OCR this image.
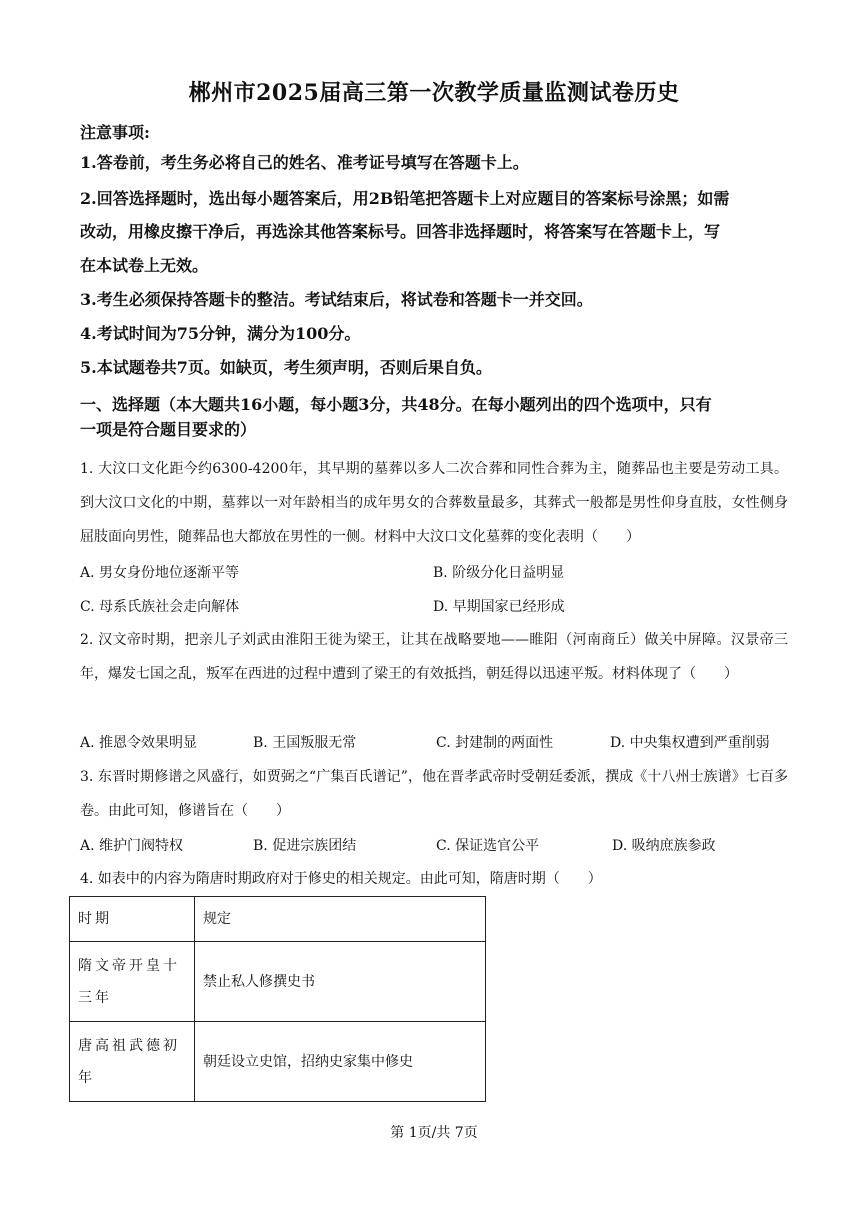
郴州市2025届高三第一次教学质量监测试卷历史
注意事项:
1.答卷前，考生务必将自己的姓名、准考证号填写在答题卡上。
2.回答选择题时，选出每小题答案后，用2B铅笔把答题卡上对应题目的答案标号涂黑；如需
改动，用橡皮擦干净后，再选涂其他答案标号。回答非选择题时，将答案写在答题卡上，写
在本试卷上无效。
3.考生必须保持答题卡的整洁。考试结束后，将试卷和答题卡一并交回。
4.考试时间为75分钟，满分为100分。
5.本试题卷共7页。如缺页，考生须声明，否则后果自负。
一、选择题（本大题共16小题，每小题3分，共48分。在每小题列出的四个选项中，只有
一项是符合题目要求的）
1. 大汶口文化距今约6300-4200年，其早期的墓葬以多人二次合葬和同性合葬为主，随葬品也主要是劳动工具。到大汶口文化的中期，墓葬以一对年龄相当的成年男女的合葬数量最多，其葬式一般都是男性仰身直肢，女性侧身屈肢面向男性，随葬品也大都放在男性的一侧。材料中大汶口文化墓葬的变化表明（　　）
A. 男女身份地位逐渐平等	B. 阶级分化日益明显
C. 母系氏族社会走向解体	D. 早期国家已经形成
2. 汉文帝时期，把亲儿子刘武由淮阳王徙为梁王，让其在战略要地——睢阳（河南商丘）做关中屏障。汉景帝三年，爆发七国之乱，叛军在西进的过程中遭到了梁王的有效抵挡，朝廷得以迅速平叛。材料体现了（　　）
A. 推恩令效果明显	B. 王国叛服无常	C. 封建制的两面性	D. 中央集权遭到严重削弱
3. 东晋时期修谱之风盛行，如贾弼之“广集百氏谱记”，他在晋孝武帝时受朝廷委派，撰成《十八州士族谱》七百多卷。由此可知，修谱旨在（　　）
A. 维护门阀特权	B. 促进宗族团结	C. 保证选官公平	D. 吸纳庶族参政
4. 如表中的内容为隋唐时期政府对于修史的相关规定。由此可知，隋唐时期（　　）
时期	规定
隋文帝开皇十三年	禁止私人修撰史书
唐高祖武德初年	朝廷设立史馆，招纳史家集中修史
第 1页/共 7页
